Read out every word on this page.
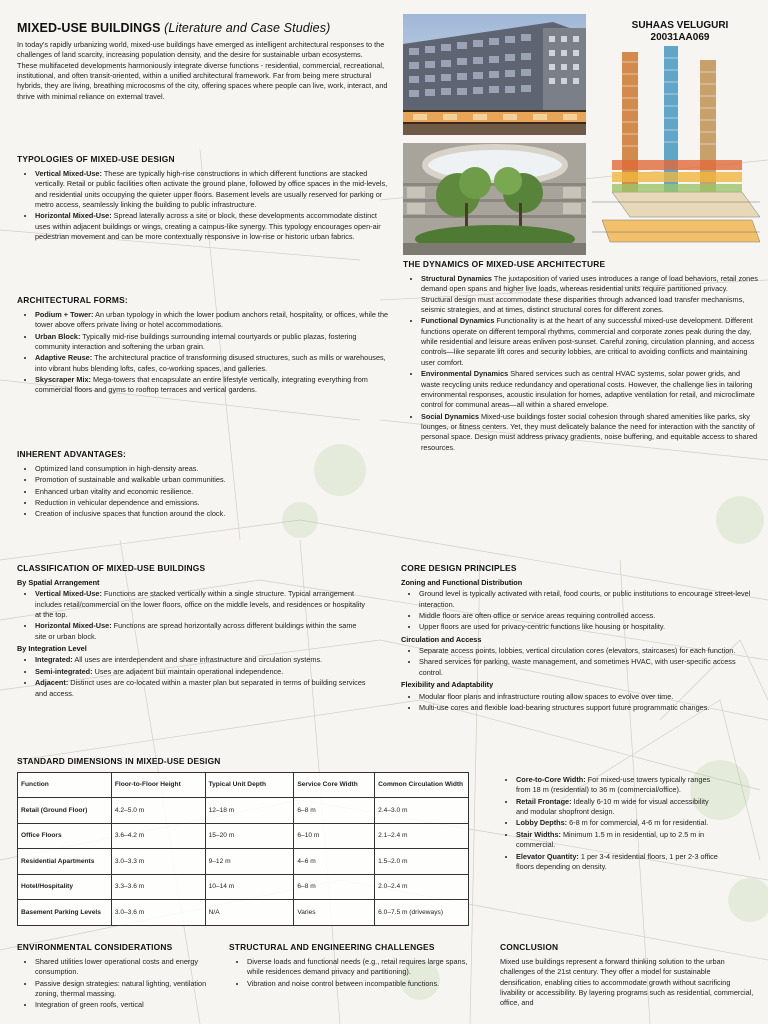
MIXED-USE BUILDINGS (Literature and Case Studies)	SUHAAS VELUGURI
20031AA069

In today's rapidly urbanizing world, mixed-use buildings have emerged as intelligent architectural responses to the challenges of land scarcity, increasing population density, and the desire for sustainable urban ecosystems.

These multifaceted developments harmoniously integrate diverse functions - residential, commercial, recreational, institutional, and often transit-oriented, within a unified architectural framework. Far from being mere structural hybrids, they are living, breathing microcosms of the city, offering spaces where people can live, work, interact, and thrive with minimal reliance on external travel.

TYPOLOGIES OF MIXED-USE DESIGN
• Vertical Mixed-Use: These are typically high-rise constructions in which different functions are stacked vertically. Retail or public facilities often activate the ground plane, followed by office spaces in the mid-levels, and residential units occupying the quieter upper floors. Basement levels are usually reserved for parking or metro access, seamlessly linking the building to public infrastructure.
• Horizontal Mixed-Use: Spread laterally across a site or block, these developments accommodate distinct uses within adjacent buildings or wings, creating a campus-like synergy. This typology encourages open-air pedestrian movement and can be more contextually responsive in low-rise or historic urban fabrics.
ARCHITECTURAL FORMS:
• Podium + Tower: An urban typology in which the lower podium anchors retail, hospitality, or offices, while the tower above offers private living or hotel accommodations.
• Urban Block: Typically mid-rise buildings surrounding internal courtyards or public plazas, fostering community interaction and softening the urban grain.
• Adaptive Reuse: The architectural practice of transforming disused structures, such as mills or warehouses, into vibrant hubs blending lofts, cafes, co-working spaces, and galleries.
• Skyscraper Mix: Mega-towers that encapsulate an entire lifestyle vertically, integrating everything from commercial floors and gyms to rooftop terraces and vertical gardens.
INHERENT ADVANTAGES:
• Optimized land consumption in high-density areas.
• Promotion of sustainable and walkable urban communities.
• Enhanced urban vitality and economic resilience.
• Reduction in vehicular dependence and emissions.
• Creation of inclusive spaces that function around the clock.
THE DYNAMICS OF MIXED-USE ARCHITECTURE
• Structural Dynamics The juxtaposition of varied uses introduces a range of load behaviors, retail zones demand open spans and higher live loads, whereas residential units require partitioned privacy. Structural design must accommodate these disparities through advanced load transfer mechanisms, seismic strategies, and at times, distinct structural cores for different zones.
• Functional Dynamics Functionality is at the heart of any successful mixed-use development. Different functions operate on different temporal rhythms, commercial and corporate zones peak during the day, while residential and leisure areas enliven post-sunset. Careful zoning, circulation planning, and access controls—like separate lift cores and security lobbies, are critical to avoiding conflicts and maintaining user comfort.
• Environmental Dynamics Shared services such as central HVAC systems, solar power grids, and waste recycling units reduce redundancy and operational costs. However, the challenge lies in tailoring environmental responses, acoustic insulation for homes, adaptive ventilation for retail, and microclimate control for communal areas—all within a shared envelope.
• Social Dynamics Mixed-use buildings foster social cohesion through shared amenities like parks, sky lounges, or fitness centers. Yet, they must delicately balance the need for interaction with the sanctity of personal space. Design must address privacy gradients, noise buffering, and equitable access to shared resources.
CLASSIFICATION OF MIXED-USE BUILDINGS
By Spatial Arrangement
• Vertical Mixed-Use: Functions are stacked vertically within a single structure. Typical arrangement includes retail/commercial on the lower floors, office on the middle levels, and residences or hospitality at the top.
• Horizontal Mixed-Use: Functions are spread horizontally across different buildings within the same site or urban block.
By Integration Level
• Integrated: All uses are interdependent and share infrastructure and circulation systems.
• Semi-integrated: Uses are adjacent but maintain operational independence.
• Adjacent: Distinct uses are co-located within a master plan but separated in terms of building services and access.
CORE DESIGN PRINCIPLES
Zoning and Functional Distribution
• Ground level is typically activated with retail, food courts, or public institutions to encourage street-level interaction.
• Middle floors are often office or service areas requiring controlled access.
• Upper floors are used for privacy-centric functions like housing or hospitality.
Circulation and Access
• Separate access points, lobbies, vertical circulation cores (elevators, staircases) for each function.
• Shared services for parking, waste management, and sometimes HVAC, with user-specific access control.
Flexibility and Adaptability
• Modular floor plans and infrastructure routing allow spaces to evolve over time.
• Multi-use cores and flexible load-bearing structures support future programmatic changes.
STANDARD DIMENSIONS IN MIXED-USE DESIGN
Function	Floor-to-Floor Height	Typical Unit Depth	Service Core Width	Common Circulation Width
Retail (Ground Floor)	4.2–5.0 m	12–18 m	6–8 m	2.4–3.0 m
Office Floors	3.6–4.2 m	15–20 m	6–10 m	2.1–2.4 m
Residential Apartments	3.0–3.3 m	9–12 m	4–6 m	1.5–2.0 m
Hotel/Hospitality	3.3–3.6 m	10–14 m	6–8 m	2.0–2.4 m
Basement Parking Levels	3.0–3.6 m	N/A	Varies	6.0–7.5 m (driveways)
• Core-to-Core Width: For mixed-use towers typically ranges from 18 m (residential) to 36 m (commercial/office).
• Retail Frontage: Ideally 6-10 m wide for visual accessibility and modular shopfront design.
• Lobby Depths: 6-8 m for commercial, 4-6 m for residential.
• Stair Widths: Minimum 1.5 m in residential, up to 2.5 m in commercial.
• Elevator Quantity: 1 per 3-4 residential floors, 1 per 2-3 office floors depending on density.
ENVIRONMENTAL CONSIDERATIONS
• Shared utilities lower operational costs and energy consumption.
• Passive design strategies: natural lighting, ventilation zoning, thermal massing.
• Integration of green roofs, vertical
STRUCTURAL AND ENGINEERING CHALLENGES
• Diverse loads and functional needs (e.g., retail requires large spans, while residences demand privacy and partitioning).
• Vibration and noise control between incompatible functions.
CONCLUSION

Mixed use buildings represent a forward thinking solution to the urban challenges of the 21st century. They offer a model for sustainable densification, enabling cities to accommodate growth without sacrificing livability or accessibility. By layering programs such as residential, commercial, office, and
